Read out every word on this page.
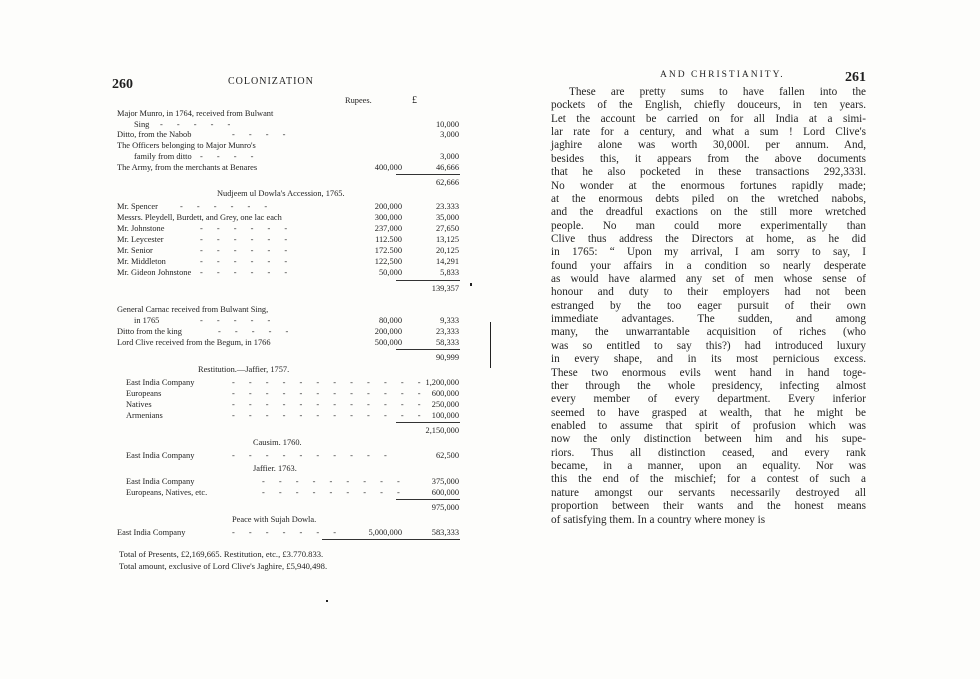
260	COLONIZATION
Rupees.	£
Major Munro, in 1764, received from Bulwant
Sing - - - - -	10,000
Ditto, from the Nabob	- - - -	3,000
The Officers belonging to Major Munro's
family from ditto - - - -	3,000
The Army, from the merchants at Benares	400,000	46,666
62,666
Nudjeem ul Dowla's Accession, 1765.
Mr. Spencer	- - - - - -	200,000	23.333
Messrs. Pleydell, Burdett, and Grey, one lac each	300,000	35,000
Mr. Johnstone	- - - - - -	237,000	27,650
Mr. Leycester	- - - - - -	112.500	13,125
Mr. Senior	- - - - - -	172.500	20,125
Mr. Middleton	- - - - - -	122,500	14,291
Mr. Gideon Johnstone - - - - - -	50,000	5,833
139,357
General Carnac received from Bulwant Sing,
in 1765	- - - - -	80,000	9,333
Ditto from the king	- - - - -	200,000	23,333
Lord Clive received from the Begum, in 1766	500,000	58,333
90,999
Restitution.—Jaffier, 1757.
East India Company	- - - - - - - - - - - - 1,200,000
Europeans	- - - - - - - - - - - - 600,000
Natives	- - - - - - - - - - - - 250,000
Armenians	- - - - - - - - - - - - 100,000
2,150,000
Causim. 1760.
East India Company	- - - - - - - - - -	62,500
Jaffier. 1763.
East India Company	- - - - - - - - -	375,000
Europeans, Natives, etc.	- - - - - - - - -	600,000
975,000
Peace with Sujah Dowla.
East India Company	- - - - - - -	5,000,000	583,333
Total of Presents, £2,169,665. Restitution, etc., £3.770.833.
Total amount, exclusive of Lord Clive's Jaghire, £5,940,498.
AND CHRISTIANITY.	261
These are pretty sums to have fallen into the
pockets of the English, chiefly douceurs, in ten years.
Let the account be carried on for all India at a simi-
lar rate for a century, and what a sum ! Lord Clive's
jaghire alone was worth 30,000l. per annum. And,
besides this, it appears from the above documents
that he also pocketed in these transactions 292,333l.
No wonder at the enormous fortunes rapidly made;
at the enormous debts piled on the wretched nabobs,
and the dreadful exactions on the still more wretched
people. No man could more experimentally than
Clive thus address the Directors at home, as he did
in 1765: “ Upon my arrival, I am sorry to say, I
found your affairs in a condition so nearly desperate
as would have alarmed any set of men whose sense of
honour and duty to their employers had not been
estranged by the too eager pursuit of their own
immediate advantages. The sudden, and among
many, the unwarrantable acquisition of riches (who
was so entitled to say this?) had introduced luxury
in every shape, and in its most pernicious excess.
These two enormous evils went hand in hand toge-
ther through the whole presidency, infecting almost
every member of every department. Every inferior
seemed to have grasped at wealth, that he might be
enabled to assume that spirit of profusion which was
now the only distinction between him and his supe-
riors. Thus all distinction ceased, and every rank
became, in a manner, upon an equality. Nor was
this the end of the mischief; for a contest of such a
nature amongst our servants necessarily destroyed all
proportion between their wants and the honest means
of satisfying them. In a country where money is
